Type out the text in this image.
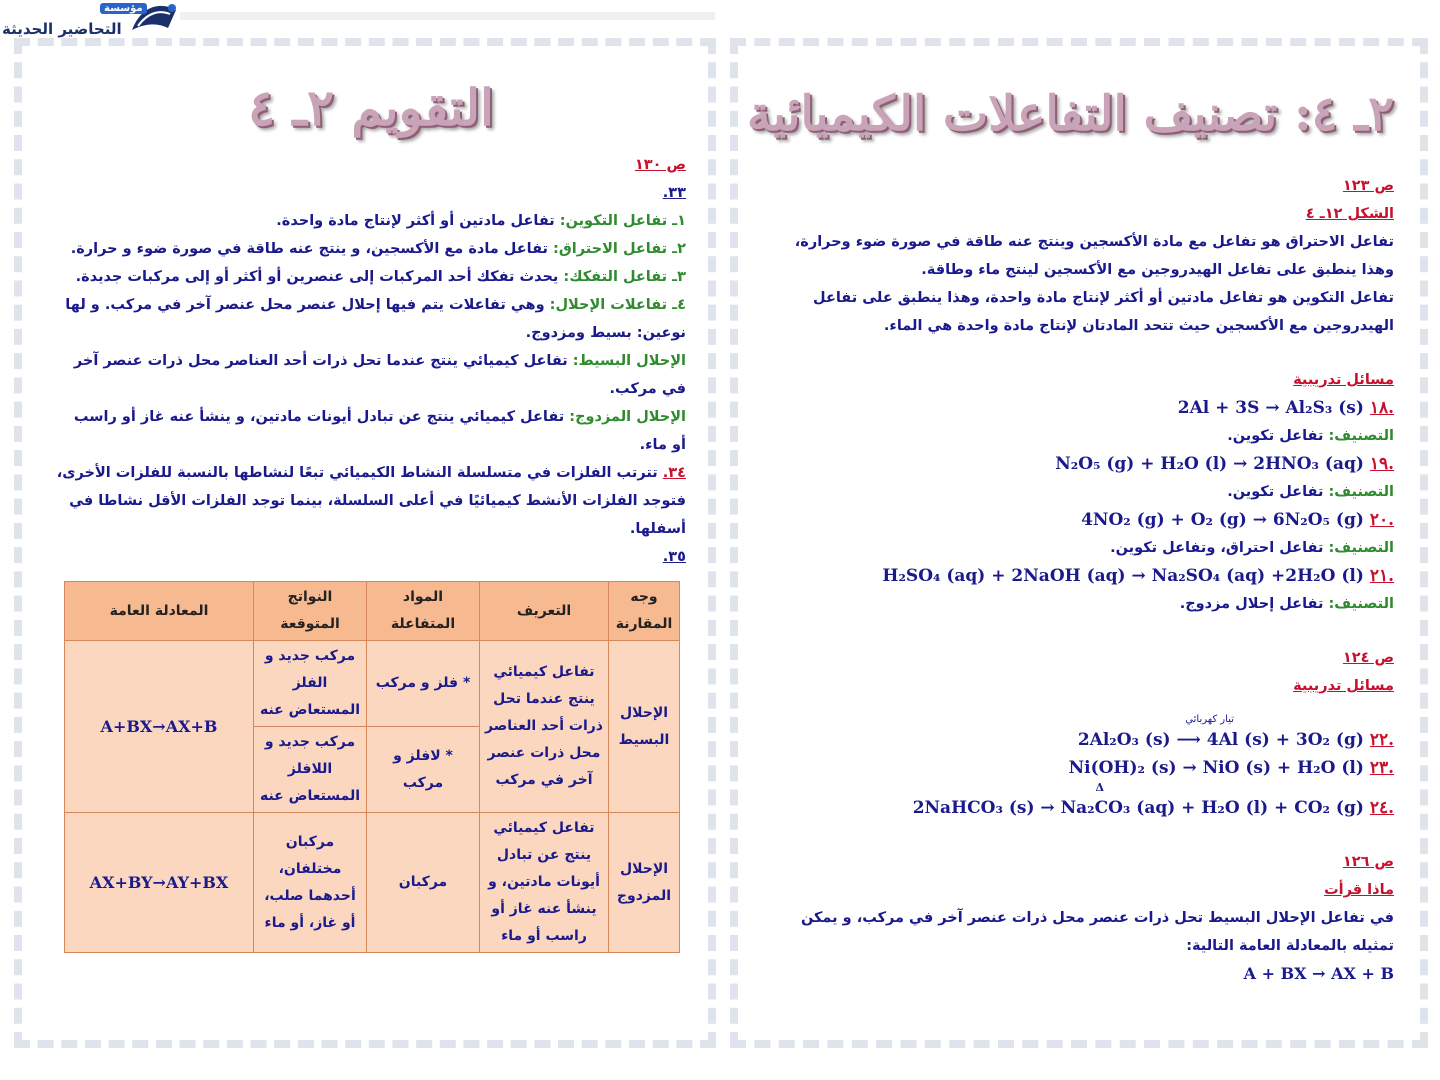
مؤسسة
التحاضير الحديثة
٢ـ ٤: تصنيف التفاعلات الكيميائية

ص ١٢٣

الشكل ١٢ـ ٤

تفاعل الاحتراق هو تفاعل مع مادة الأكسجين وينتج عنه طاقة في صورة ضوء وحرارة، وهذا ينطبق على تفاعل الهيدروجين مع الأكسجين لينتج ماء وطاقة.

تفاعل التكوين هو تفاعل مادتين أو أكثر لإنتاج مادة واحدة، وهذا ينطبق على تفاعل الهيدروجين مع الأكسجين حيث تتحد المادتان لإنتاج مادة واحدة هي الماء.

مسائل تدريبية

2Al + 3S → Al₂S₃ (s) ١٨.

التصنيف: تفاعل تكوين.

N₂O₅ (g) + H₂O (l) → 2HNO₃ (aq) ١٩.

التصنيف: تفاعل تكوين.

4NO₂ (g) + O₂ (g) → 6N₂O₅ (g) ٢٠.

التصنيف: تفاعل احتراق، وتفاعل تكوين.

H₂SO₄ (aq) + 2NaOH (aq) → Na₂SO₄ (aq) +2H₂O (l) ٢١.

التصنيف: تفاعل إحلال مزدوج.

ص ١٢٤

مسائل تدريبية

تيار كهربائي

2Al₂O₃ (s) ⟶ 4Al (s) + 3O₂ (g) ٢٢.

Ni(OH)₂ (s) → NiO (s) + H₂O (l) ٢٣.

Δ

2NaHCO₃ (s) → Na₂CO₃ (aq) + H₂O (l) + CO₂ (g) ٢٤.

ص ١٢٦

ماذا قرأت

في تفاعل الإحلال البسيط تحل ذرات عنصر محل ذرات عنصر آخر في مركب، و يمكن تمثيله بالمعادلة العامة التالية:

A + BX → AX + B

التقويم ٢ـ ٤

ص ١٣٠

٣٣.

١ـ تفاعل التكوين: تفاعل مادتين أو أكثر لإنتاج مادة واحدة.

٢ـ تفاعل الاحتراق: تفاعل مادة مع الأكسجين، و ينتج عنه طاقة في صورة ضوء و حرارة.

٣ـ تفاعل التفكك: يحدث تفكك أحد المركبات إلى عنصرين أو أكثر أو إلى مركبات جديدة.

٤ـ تفاعلات الإحلال: وهي تفاعلات يتم فيها إحلال عنصر محل عنصر آخر في مركب. و لها نوعين: بسيط ومزدوج.

الإحلال البسيط: تفاعل كيميائي ينتج عندما تحل ذرات أحد العناصر محل ذرات عنصر آخر في مركب.

الإحلال المزدوج: تفاعل كيميائي ينتج عن تبادل أيونات مادتين، و ينشأ عنه غاز أو راسب أو ماء.

٣٤. تترتب الفلزات في متسلسلة النشاط الكيميائي تبعًا لنشاطها بالنسبة للفلزات الأخرى، فتوجد الفلزات الأنشط كيميائيًا في أعلى السلسلة، بينما توجد الفلزات الأقل نشاطا في أسفلها.

٣٥.

وجه المقارنة	التعريف	المواد المتفاعلة	النواتج المتوقعة	المعادلة العامة
الإحلال البسيط	تفاعل كيميائي ينتج عندما تحل ذرات أحد العناصر محل ذرات عنصر آخر في مركب	* فلز و مركب	مركب جديد و الفلز المستعاض عنه	A+BX→AX+B
		* لافلز و مركب	مركب جديد و اللافلز المستعاض عنه	
الإحلال المزدوج	تفاعل كيميائي ينتج عن تبادل أيونات مادتين، و ينشأ عنه غاز أو راسب أو ماء	مركبان	مركبان مختلفان، أحدهما صلب، أو غاز، أو ماء	AX+BY→AY+BX
